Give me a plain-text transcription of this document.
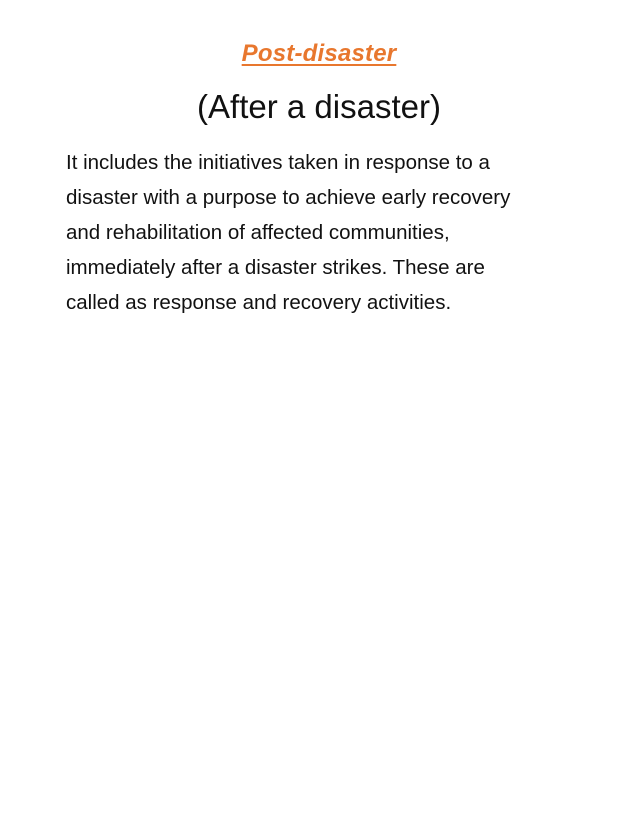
Post-disaster
(After a disaster)

It includes the initiatives taken in response to a
disaster with a purpose to achieve early recovery
and rehabilitation of affected communities,
immediately after a disaster strikes. These are
called as response and recovery activities.
